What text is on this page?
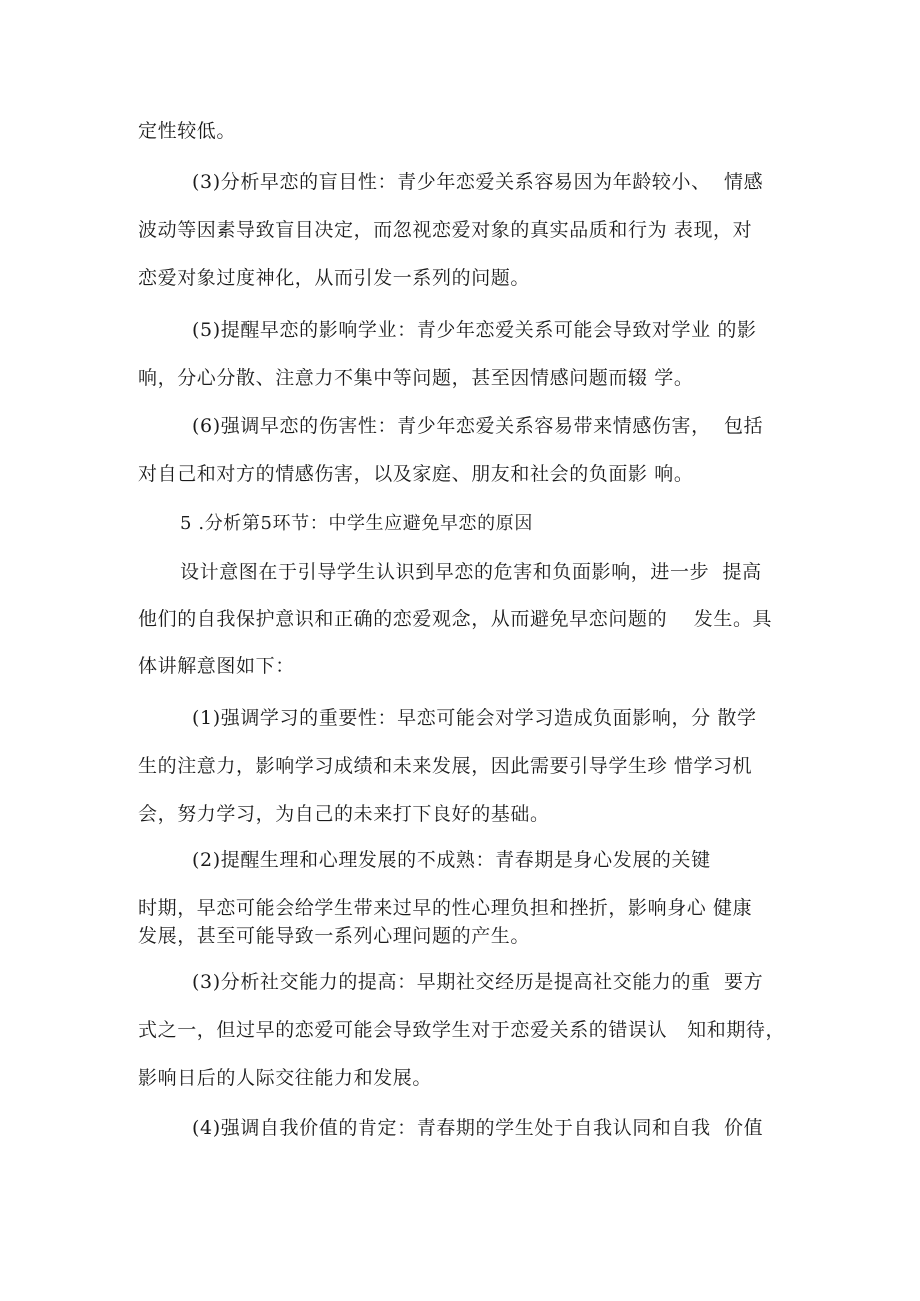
定性较低。
(3)分析早恋的盲目性：青少年恋爱关系容易因为年龄较小、  情感
波动等因素导致盲目决定，而忽视恋爱对象的真实品质和行为 表现，对
恋爱对象过度神化，从而引发一系列的问题。
(5)提醒早恋的影响学业：青少年恋爱关系可能会导致对学业 的影
响，分心分散、注意力不集中等问题，甚至因情感问题而辍 学。
(6)强调早恋的伤害性：青少年恋爱关系容易带来情感伤害，  包括
对自己和对方的情感伤害，以及家庭、朋友和社会的负面影 响。
5 .分析第5环节：中学生应避免早恋的原因
设计意图在于引导学生认识到早恋的危害和负面影响，进一步  提高
他们的自我保护意识和正确的恋爱观念，从而避免早恋问题的    发生。具
体讲解意图如下：
(1)强调学习的重要性：早恋可能会对学习造成负面影响，分 散学
生的注意力，影响学习成绩和未来发展，因此需要引导学生珍 惜学习机
会，努力学习，为自己的未来打下良好的基础。
(2)提醒生理和心理发展的不成熟：青春期是身心发展的关键
时期，早恋可能会给学生带来过早的性心理负担和挫折，影响身心 健康
发展，甚至可能导致一系列心理问题的产生。
(3)分析社交能力的提高：早期社交经历是提高社交能力的重  要方
式之一，但过早的恋爱可能会导致学生对于恋爱关系的错误认   知和期待，
影响日后的人际交往能力和发展。
(4)强调自我价值的肯定：青春期的学生处于自我认同和自我  价值
